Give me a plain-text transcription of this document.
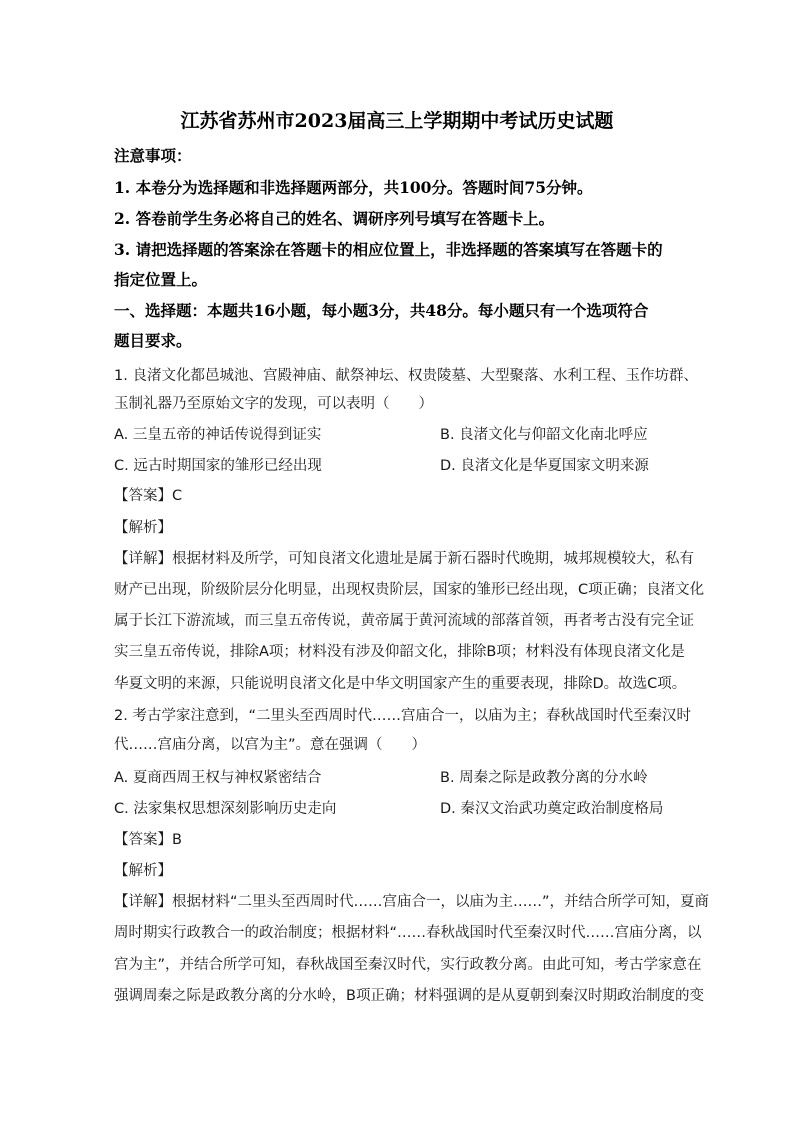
江苏省苏州市2023届高三上学期期中考试历史试题
注意事项：
1. 本卷分为选择题和非选择题两部分，共100分。答题时间75分钟。
2. 答卷前学生务必将自己的姓名、调研序列号填写在答题卡上。
3. 请把选择题的答案涂在答题卡的相应位置上，非选择题的答案填写在答题卡的
指定位置上。
一、选择题：本题共16小题，每小题3分，共48分。每小题只有一个选项符合
题目要求。
1. 良渚文化都邑城池、宫殿神庙、献祭神坛、权贵陵墓、大型聚落、水利工程、玉作坊群、
玉制礼器乃至原始文字的发现，可以表明（　　）
A. 三皇五帝的神话传说得到证实	B. 良渚文化与仰韶文化南北呼应
C. 远古时期国家的雏形已经出现	D. 良渚文化是华夏国家文明来源
【答案】C
【解析】
【详解】根据材料及所学，可知良渚文化遗址是属于新石器时代晚期，城邦规模较大，私有
财产已出现，阶级阶层分化明显，出现权贵阶层，国家的雏形已经出现，C项正确；良渚文化
属于长江下游流域，而三皇五帝传说，黄帝属于黄河流域的部落首领，再者考古没有完全证
实三皇五帝传说，排除A项；材料没有涉及仰韶文化，排除B项；材料没有体现良渚文化是
华夏文明的来源，只能说明良渚文化是中华文明国家产生的重要表现，排除D。故选C项。
2. 考古学家注意到，“二里头至西周时代……宫庙合一，以庙为主；春秋战国时代至秦汉时
代……宫庙分离，以宫为主”。意在强调（　　）
A. 夏商西周王权与神权紧密结合	B. 周秦之际是政教分离的分水岭
C. 法家集权思想深刻影响历史走向	D. 秦汉文治武功奠定政治制度格局
【答案】B
【解析】
【详解】根据材料“二里头至西周时代……宫庙合一，以庙为主……”，并结合所学可知，夏商
周时期实行政教合一的政治制度；根据材料“……春秋战国时代至秦汉时代……宫庙分离，以
宫为主”，并结合所学可知，春秋战国至秦汉时代，实行政教分离。由此可知，考古学家意在
强调周秦之际是政教分离的分水岭，B项正确；材料强调的是从夏朝到秦汉时期政治制度的变
